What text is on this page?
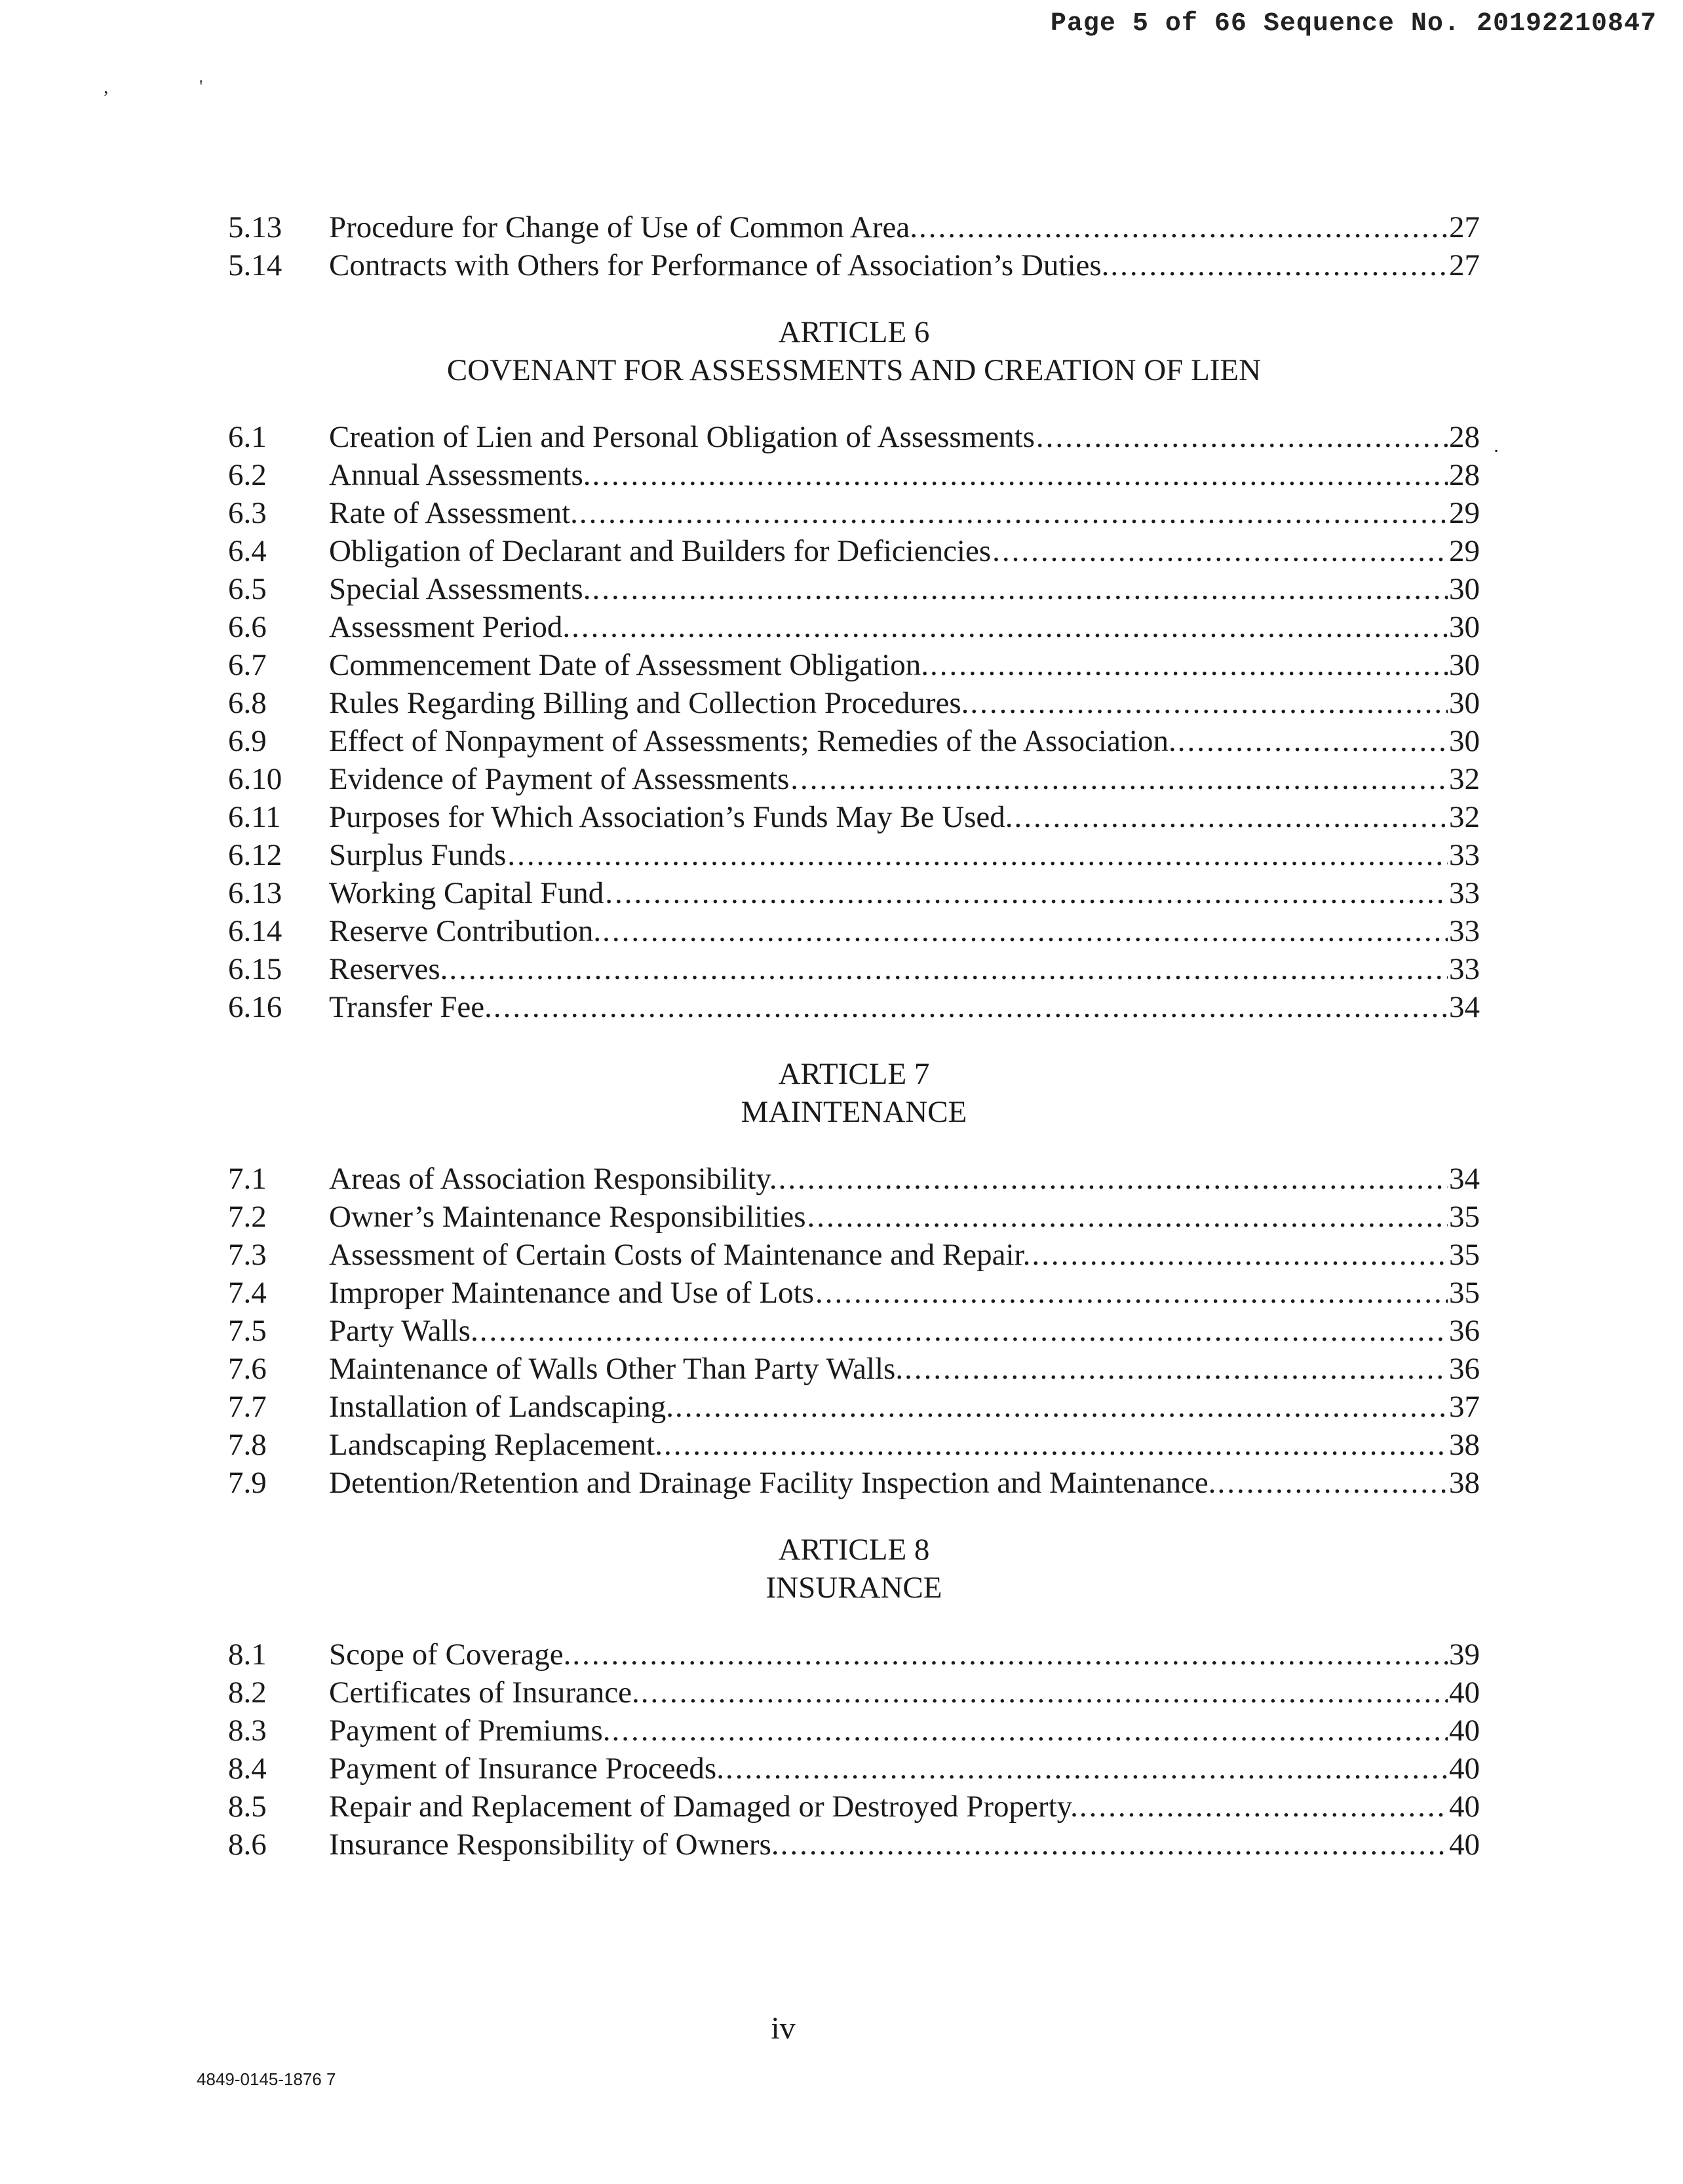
Page 5 of 66 Sequence No. 20192210847
,	'
·
5.13	Procedure for Change of Use of Common Area. .....	27
5.14	Contracts with Others for Performance of Association’s Duties. .....	27
ARTICLE 6
COVENANT FOR ASSESSMENTS AND CREATION OF LIEN
6.1	Creation of Lien and Personal Obligation of Assessments .....	28
6.2	Annual Assessments. .....	28
6.3	Rate of Assessment. .....	29
6.4	Obligation of Declarant and Builders for Deficiencies .....	29
6.5	Special Assessments. .....	30
6.6	Assessment Period. .....	30
6.7	Commencement Date of Assessment Obligation. .....	30
6.8	Rules Regarding Billing and Collection Procedures. .....	30
6.9	Effect of Nonpayment of Assessments; Remedies of the Association. .....	30
6.10	Evidence of Payment of Assessments .....	32
6.11	Purposes for Which Association’s Funds May Be Used. .....	32
6.12	Surplus Funds .....	33
6.13	Working Capital Fund .....	33
6.14	Reserve Contribution. .....	33
6.15	Reserves. .....	33
6.16	Transfer Fee. .....	34
ARTICLE 7
MAINTENANCE
7.1	Areas of Association Responsibility. .....	34
7.2	Owner’s Maintenance Responsibilities .....	35
7.3	Assessment of Certain Costs of Maintenance and Repair. .....	35
7.4	Improper Maintenance and Use of Lots .....	35
7.5	Party Walls. .....	36
7.6	Maintenance of Walls Other Than Party Walls. .....	36
7.7	Installation of Landscaping. .....	37
7.8	Landscaping Replacement. .....	38
7.9	Detention/Retention and Drainage Facility Inspection and Maintenance. .....	38
ARTICLE 8
INSURANCE
8.1	Scope of Coverage. .....	39
8.2	Certificates of Insurance. .....	40
8.3	Payment of Premiums. .....	40
8.4	Payment of Insurance Proceeds. .....	40
8.5	Repair and Replacement of Damaged or Destroyed Property. .....	40
8.6	Insurance Responsibility of Owners. .....	40
iv
4849-0145-1876 7
